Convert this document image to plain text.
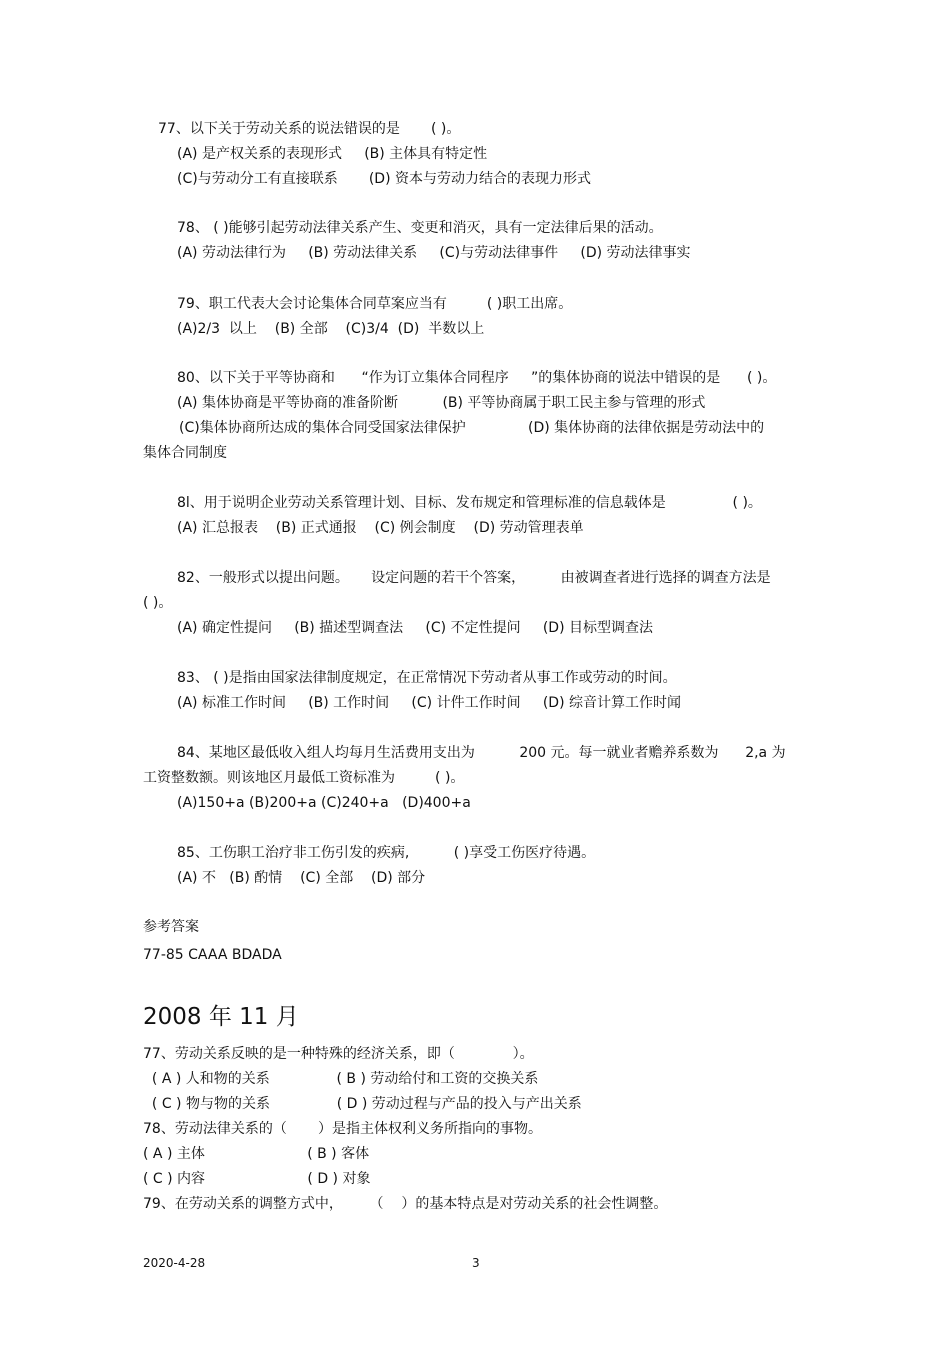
77、以下关于劳动关系的说法错误的是       ( )。
(A) 是产权关系的表现形式     (B) 主体具有特定性
(C)与劳动分工有直接联系       (D) 资本与劳动力结合的表现力形式
78、 ( )能够引起劳动法律关系产生、变更和消灭，具有一定法律后果的活动。
(A) 劳动法律行为     (B) 劳动法律关系     (C)与劳动法律事件     (D) 劳动法律事实
79、职工代表大会讨论集体合同草案应当有         ( )职工出席。
(A)2/3  以上    (B) 全部    (C)3/4  (D)  半数以上
80、以下关于平等协商和      “作为订立集体合同程序     ”的集体协商的说法中错误的是      ( )。
(A) 集体协商是平等协商的准备阶断          (B) 平等协商属于职工民主参与管理的形式
(C)集体协商所达成的集体合同受国家法律保护              (D) 集体协商的法律依据是劳动法中的
集体合同制度
8l、用于说明企业劳动关系管理计划、目标、发布规定和管理标准的信息载体是               ( )。
(A) 汇总报表    (B) 正式通报    (C) 例会制度    (D) 劳动管理表单
82、一般形式以提出问题。     设定问题的若干个答案，        由被调查者进行选择的调查方法是
( )。
(A) 确定性提问     (B) 描述型调查法     (C) 不定性提问     (D) 目标型调查法
83、 ( )是指由国家法律制度规定，在正常情况下劳动者从事工作或劳动的时间。
(A) 标准工作时间     (B) 工作时间     (C) 计件工作时间     (D) 综音计算工作时闻
84、某地区最低收入组人均每月生活费用支出为          200 元。每一就业者赡养系数为      2,a 为
工资整数额。则该地区月最低工资标准为         ( )。
(A)150+a (B)200+a (C)240+a   (D)400+a
85、工伤职工治疗非工伤引发的疾病,          ( )享受工伤医疗待遇。
(A) 不   (B) 酌情    (C) 全部    (D) 部分
参考答案
77-85 CAAA BDADA
2008 年 11 月
77、劳动关系反映的是一种特殊的经济关系，即（             ）。
( A ) 人和物的关系               ( B ) 劳动给付和工资的交换关系
( C ) 物与物的关系               ( D ) 劳动过程与产品的投入与产出关系
78、劳动法律关系的（       ）是指主体权利义务所指向的事物。
( A ) 主体                       ( B ) 客体
( C ) 内容                       ( D ) 对象
79、在劳动关系的调整方式中，      （    ）的基本特点是对劳动关系的社会性调整。
2020-4-28	3
